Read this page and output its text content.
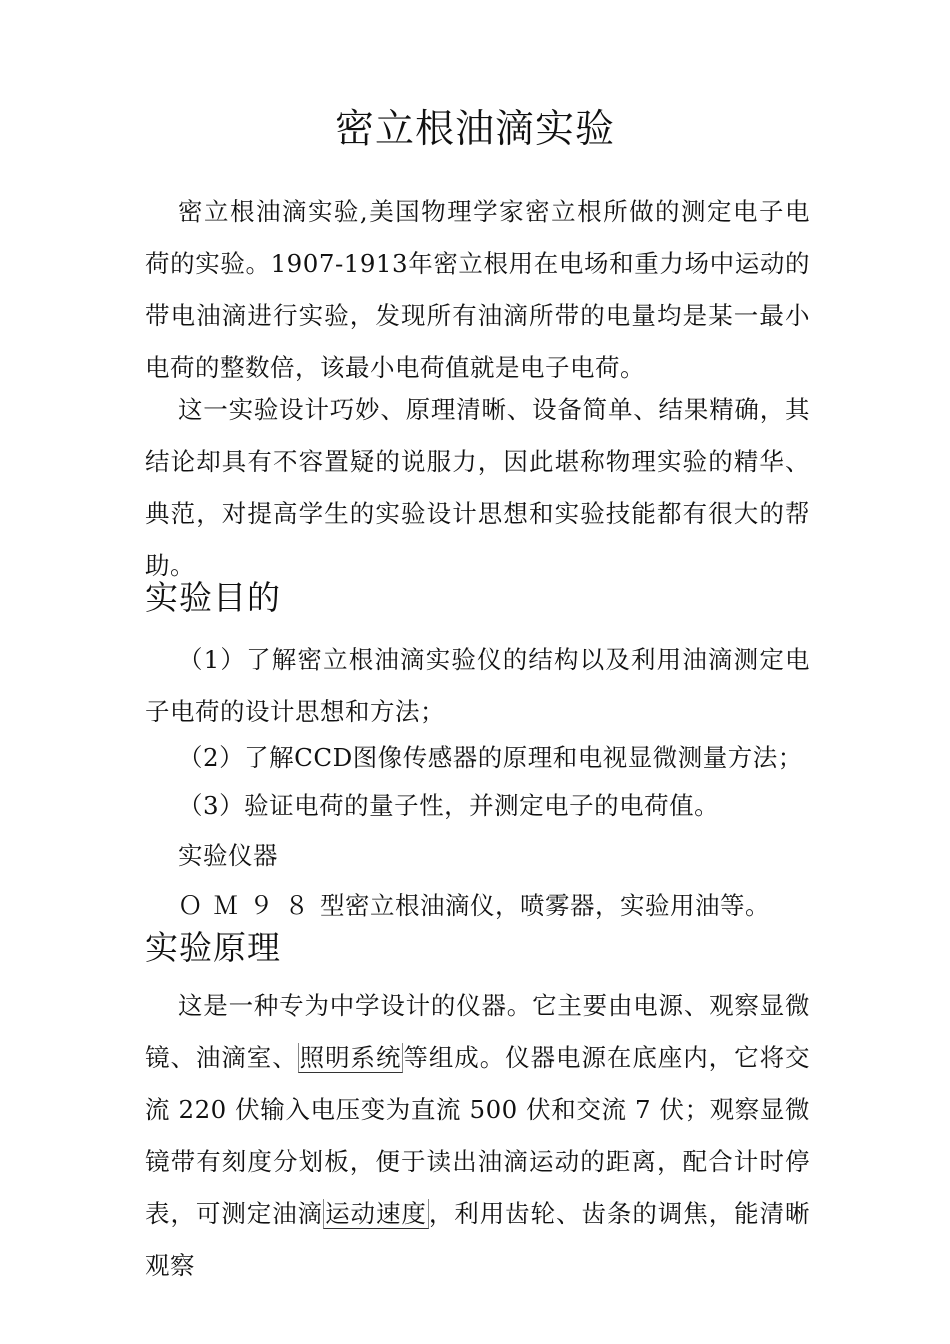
密立根油滴实验
密立根油滴实验,美国物理学家密立根所做的测定电子电荷的实验。1907-1913年密立根用在电场和重力场中运动的带电油滴进行实验，发现所有油滴所带的电量均是某一最小电荷的整数倍，该最小电荷值就是电子电荷。
这一实验设计巧妙、原理清晰、设备简单、结果精确，其结论却具有不容置疑的说服力，因此堪称物理实验的精华、典范，对提高学生的实验设计思想和实验技能都有很大的帮助。
实验目的
（1）了解密立根油滴实验仪的结构以及利用油滴测定电子电荷的设计思想和方法；
（2）了解CCD图像传感器的原理和电视显微测量方法；
（3）验证电荷的量子性，并测定电子的电荷值。
实验仪器
ＯＭ９８型密立根油滴仪，喷雾器，实验用油等。
实验原理
这是一种专为中学设计的仪器。它主要由电源、观察显微镜、油滴室、照明系统等组成。仪器电源在底座内，它将交流 220 伏输入电压变为直流 500 伏和交流 7 伏；观察显微镜带有刻度分划板，便于读出油滴运动的距离，配合计时停表，可测定油滴运动速度，利用齿轮、齿条的调焦，能清晰观察
